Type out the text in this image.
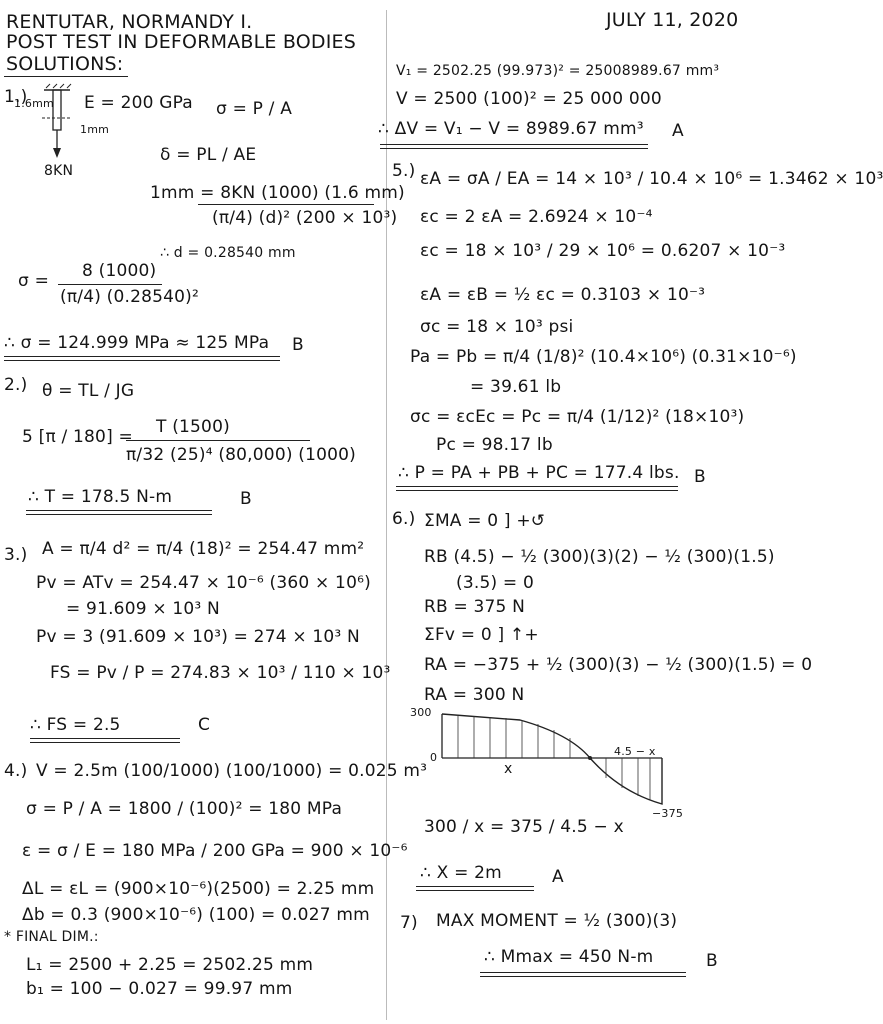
RENTUTAR, NORMANDY I.
POST TEST IN DEFORMABLE BODIES
JULY 11, 2020
SOLUTIONS:
1.)
1.6mm
1mm
8KN
E = 200 GPa σ = P / A
δ = PL / AE
1mm = 8KN (1000) (1.6 mm)
(π/4) (d)² (200 × 10³)
∴ d = 0.28540 mm
σ = 8 (1000)
(π/4) (0.28540)²
∴ σ = 124.999 MPa ≈ 125 MPa B
2.) θ = TL / JG
5 [π / 180] = T (1500)
π/32 (25)⁴ (80,000) (1000)
∴ T = 178.5 N-m	B
3.) A = π/4 d² = π/4 (18)² = 254.47 mm²
Pv = ATv = 254.47 × 10⁻⁶ (360 × 10⁶)
= 91.609 × 10³ N
Pv = 3 (91.609 × 10³) = 274 × 10³ N
FS = Pv / P = 274.83 × 10³ / 110 × 10³
∴ FS = 2.5	C
4.) V = 2.5m (100/1000) (100/1000) = 0.025 m³
σ = P / A = 1800 / (100)² = 180 MPa
ε = σ / E = 180 MPa / 200 GPa = 900 × 10⁻⁶
ΔL = εL = (900×10⁻⁶)(2500) = 2.25 mm
Δb = 0.3 (900×10⁻⁶) (100) = 0.027 mm
* FINAL DIM.:
L₁ = 2500 + 2.25 = 2502.25 mm
b₁ = 100 − 0.027 = 99.97 mm
V₁ = 2502.25 (99.973)² = 25008989.67 mm³
V = 2500 (100)² = 25 000 000
∴ ΔV = V₁ − V = 8989.67 mm³ A
5.) εA = σA / EA = 14 × 10³ / 10.4 × 10⁶ = 1.3462 × 10³
εc = 2 εA = 2.6924 × 10⁻⁴
εc = 18 × 10³ / 29 × 10⁶ = 0.6207 × 10⁻³
εA = εB = ½ εc = 0.3103 × 10⁻³
σc = 18 × 10³ psi
Pa = Pb = π/4 (1/8)² (10.4×10⁶) (0.31×10⁻⁶)
= 39.61 lb
σc = εcEc = Pc = π/4 (1/12)² (18×10³)
Pc = 98.17 lb
∴ P = PA + PB + PC = 177.4 lbs. B
6.) ΣMA = 0 ] +↺
RB (4.5) − ½ (300)(3)(2) − ½ (300)(1.5)
(3.5) = 0
RB = 375 N
ΣFv = 0 ] ↑+
RA = −375 + ½ (300)(3) − ½ (300)(1.5) = 0
RA = 300 N
300
0
x
4.5 − x
−375
300 / x = 375 / 4.5 − x
∴ X = 2m	A
7) MAX MOMENT = ½ (300)(3)
∴ Mmax = 450 N-m	B
